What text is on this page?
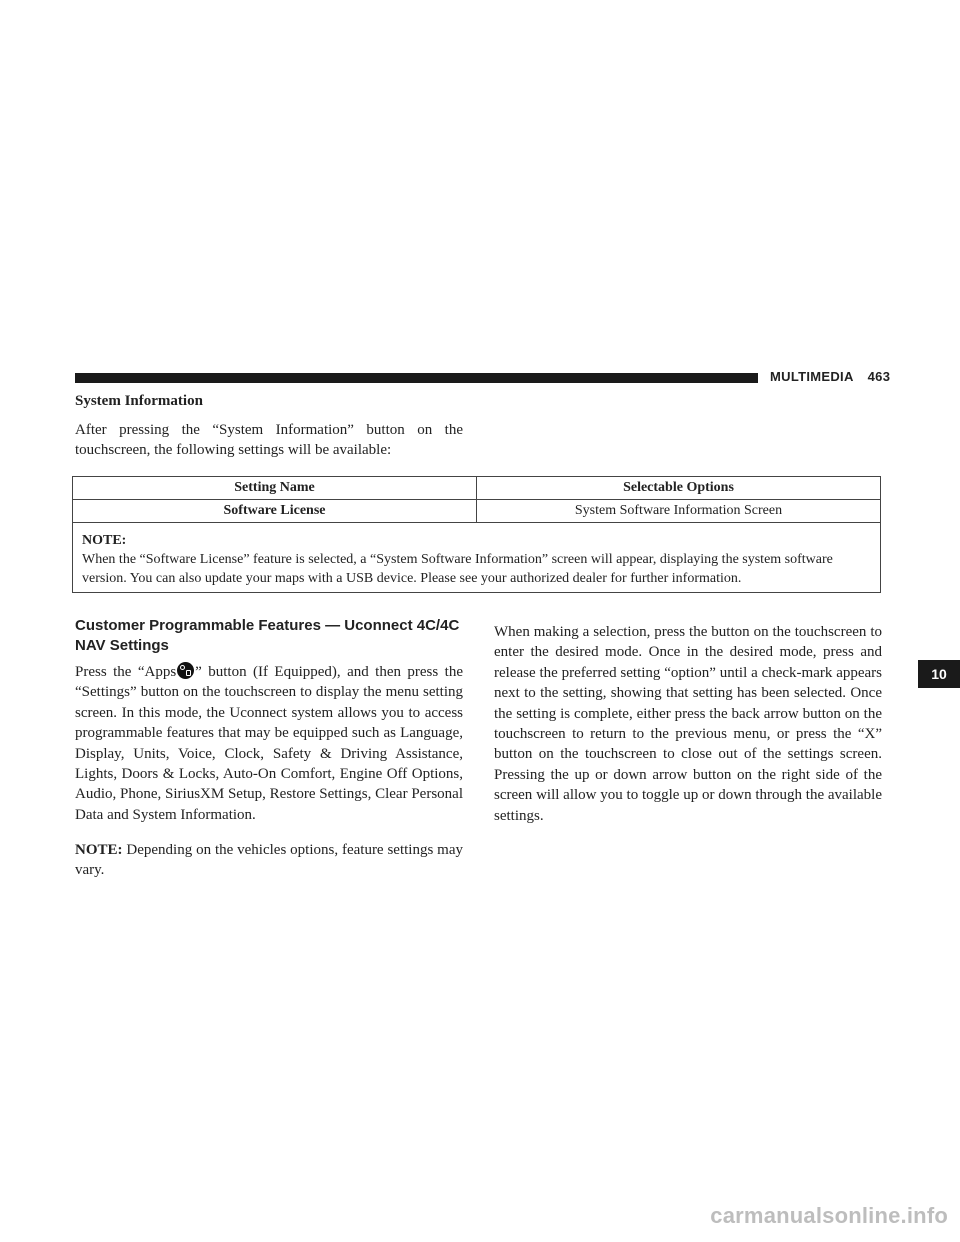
MULTIMEDIA 463
System Information
After pressing the “System Information” button on the touchscreen, the following settings will be available:
Setting Name	Selectable Options
Software License	System Software Information Screen

NOTE:
When the “Software License” feature is selected, a “System Software Information” screen will appear, displaying the system software version. You can also update your maps with a USB device. Please see your authorized dealer for further information.	
Customer Programmable Features — Uconnect 4C/4C NAV Settings
Press the “Apps ” button (If Equipped), and then press the “Settings” button on the touchscreen to display the menu setting screen. In this mode, the Uconnect system allows you to access programmable features that may be equipped such as Language, Display, Units, Voice, Clock, Safety & Driving Assistance, Lights, Doors & Locks, Auto-On Comfort, Engine Off Options, Audio, Phone, SiriusXM Setup, Restore Settings, Clear Personal Data and System Information.
NOTE: Depending on the vehicles options, feature settings may vary.
When making a selection, press the button on the touchscreen to enter the desired mode. Once in the desired mode, press and release the preferred setting “option” until a check-mark appears next to the setting, showing that setting has been selected. Once the setting is complete, either press the back arrow button on the touchscreen to return to the previous menu, or press the “X” button on the touchscreen to close out of the settings screen. Pressing the up or down arrow button on the right side of the screen will allow you to toggle up or down through the available settings.
10
carmanualsonline.info
